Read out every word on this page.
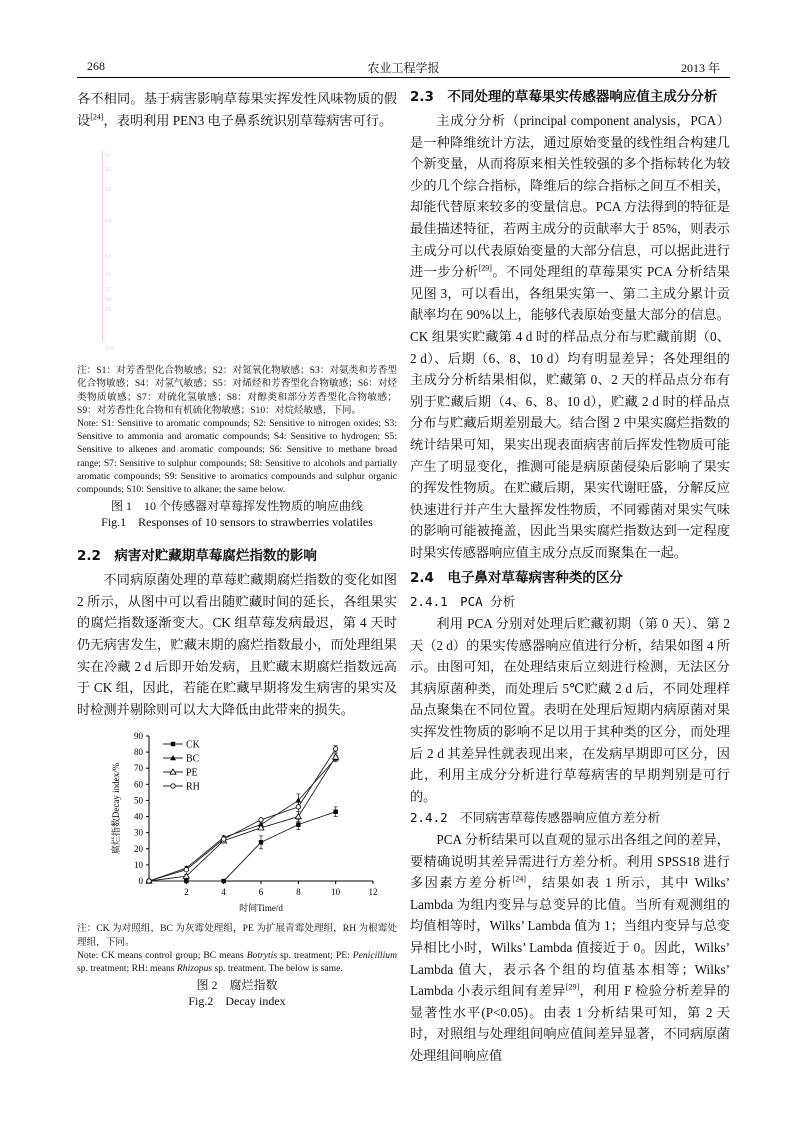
268	农业工程学报	2013 年

各不相同。基于病害影响草莓果实挥发性风味物质的假设[24]，表明利用 PEN3 电子鼻系统识别草莓病害可行。

S1
S2
S3
S4
S5
S6
S7
S8
S9
S10

注：S1：对芳香型化合物敏感；S2：对氮氧化物敏感；S3：对氨类和芳香型化合物敏感；S4：对氢气敏感；S5：对烯烃和芳香型化合物敏感；S6：对烃类物质敏感；S7：对硫化氢敏感；S8：对醇类和部分芳香型化合物敏感；S9：对芳香性化合物和有机硫化物敏感；S10：对烷烃敏感，下同。

Note: S1: Sensitive to aromatic compounds; S2: Sensitive to nitrogen oxides; S3: Sensitive to ammonia and aromatic compounds; S4: Sensitive to hydrogen; S5: Sensitive to alkenes and aromatic compounds; S6: Sensitive to methane broad range; S7: Sensitive to sulphur compounds; S8: Sensitive to alcohols and partially aromatic compounds; S9: Sensitive to aromatics compounds and sulphur organic compounds; S10: Sensitive to alkane; the same below.

图 1　10 个传感器对草莓挥发性物质的响应曲线
Fig.1　Responses of 10 sensors to strawberries volatiles
2.2　病害对贮藏期草莓腐烂指数的影响

不同病原菌处理的草莓贮藏期腐烂指数的变化如图 2 所示，从图中可以看出随贮藏时间的延长，各组果实的腐烂指数逐渐变大。CK 组草莓发病最迟，第 4 天时仍无病害发生，贮藏末期的腐烂指数最小，而处理组果实在冷藏 2 d 后即开始发病，且贮藏末期腐烂指数远高于 CK 组，因此，若能在贮藏早期将发生病害的果实及时检测并剔除则可以大大降低由此带来的损失。

0
10
20
30
40
50
60
70
80
90
2	4	6	8	10	12
时间Time/d
腐烂指数Decay index/%
CK
BC
PE
RH

注：CK 为对照组，BC 为灰霉处理组，PE 为扩展青霉处理组，RH 为根霉处理组，下同。

Note: CK means control group; BC means Botrytis sp. treatment; PE: Penicillium sp. treatment; RH: means Rhizopus sp. treatment. The below is same.

图 2　腐烂指数
Fig.2　Decay index
2.3　不同处理的草莓果实传感器响应值主成分分析

主成分分析（principal component analysis，PCA）是一种降维统计方法，通过原始变量的线性组合构建几个新变量，从而将原来相关性较强的多个指标转化为较少的几个综合指标，降维后的综合指标之间互不相关，却能代替原来较多的变量信息。PCA 方法得到的特征是最佳描述特征，若两主成分的贡献率大于 85%，则表示主成分可以代表原始变量的大部分信息，可以据此进行进一步分析[29]。不同处理组的草莓果实 PCA 分析结果见图 3，可以看出，各组果实第一、第二主成分累计贡献率均在 90%以上，能够代表原始变量大部分的信息。CK 组果实贮藏第 4 d 时的样品点分布与贮藏前期（0、2 d）、后期（6、8、10 d）均有明显差异；各处理组的主成分分析结果相似，贮藏第 0、2 天的样品点分布有别于贮藏后期（4、6、8、10 d），贮藏 2 d 时的样品点分布与贮藏后期差别最大。结合图 2 中果实腐烂指数的统计结果可知，果实出现表面病害前后挥发性物质可能产生了明显变化，推测可能是病原菌侵染后影响了果实的挥发性物质。在贮藏后期，果实代谢旺盛，分解反应快速进行并产生大量挥发性物质，不同霉菌对果实气味的影响可能被掩盖，因此当果实腐烂指数达到一定程度时果实传感器响应值主成分点反而聚集在一起。

2.4　电子鼻对草莓病害种类的区分
2.4.1　PCA 分析

利用 PCA 分别对处理后贮藏初期（第 0 天）、第 2 天（2 d）的果实传感器响应值进行分析，结果如图 4 所示。由图可知，在处理结束后立刻进行检测，无法区分其病原菌种类，而处理后 5℃贮藏 2 d 后，不同处理样品点聚集在不同位置。表明在处理后短期内病原菌对果实挥发性物质的影响不足以用于其种类的区分，而处理后 2 d 其差异性就表现出来，在发病早期即可区分，因此，利用主成分分析进行草莓病害的早期判别是可行的。

2.4.2　不同病害草莓传感器响应值方差分析

PCA 分析结果可以直观的显示出各组之间的差异，要精确说明其差异需进行方差分析。利用 SPSS18 进行多因素方差分析[24]，结果如表 1 所示，其中 Wilks’ Lambda 为组内变异与总变异的比值。当所有观测组的均值相等时，Wilks’ Lambda 值为 1；当组内变异与总变异相比小时，Wilks’ Lambda 值接近于 0。因此，Wilks’ Lambda 值大，表示各个组的均值基本相等；Wilks’ Lambda 小表示组间有差异[29]，利用 F 检验分析差异的显著性水平(P<0.05)。由表 1 分析结果可知，第 2 天时，对照组与处理组间响应值间差异显著，不同病原菌处理组间响应值
